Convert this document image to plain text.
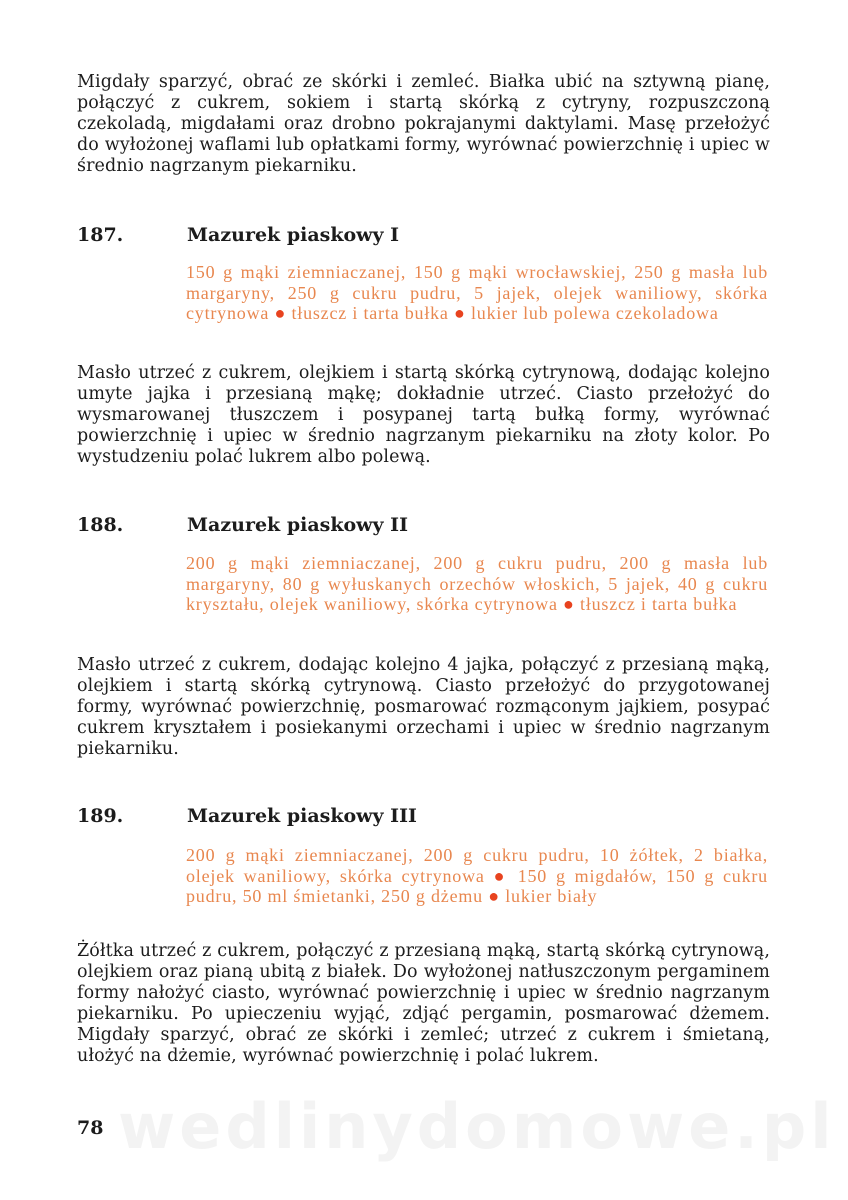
Migdały sparzyć, obrać ze skórki i zemleć. Białka ubić na sztywną pianę, połączyć z cukrem, sokiem i startą skórką z cytryny, rozpuszczoną czekoladą, migdałami oraz drobno pokrajanymi daktylami. Masę przełożyć do wyłożonej waflami lub opłatkami formy, wyrównać powierzchnię i upiec w średnio nagrzanym piekarniku.
187.	Mazurek piaskowy I
150 g mąki ziemniaczanej, 150 g mąki wrocławskiej, 250 g masła lub margaryny, 250 g cukru pudru, 5 jajek, olejek waniliowy, skórka cytrynowa ● tłuszcz i tarta bułka ● lukier lub polewa czekoladowa
Masło utrzeć z cukrem, olejkiem i startą skórką cytrynową, dodając kolejno umyte jajka i przesianą mąkę; dokładnie utrzeć. Ciasto przełożyć do wysmarowanej tłuszczem i posypanej tartą bułką formy, wyrównać powierzchnię i upiec w średnio nagrzanym piekarniku na złoty kolor. Po wystudzeniu polać lukrem albo polewą.
188.	Mazurek piaskowy II
200 g mąki ziemniaczanej, 200 g cukru pudru, 200 g masła lub margaryny, 80 g wyłuskanych orzechów włoskich, 5 jajek, 40 g cukru kryształu, olejek waniliowy, skórka cytrynowa ● tłuszcz i tarta bułka
Masło utrzeć z cukrem, dodając kolejno 4 jajka, połączyć z przesianą mąką, olejkiem i startą skórką cytrynową. Ciasto przełożyć do przygotowanej formy, wyrównać powierzchnię, posmarować rozmąconym jajkiem, posypać cukrem kryształem i posiekanymi orzechami i upiec w średnio nagrzanym piekarniku.
189.	Mazurek piaskowy III
200 g mąki ziemniaczanej, 200 g cukru pudru, 10 żółtek, 2 białka, olejek waniliowy, skórka cytrynowa ● 150 g migdałów, 150 g cukru pudru, 50 ml śmietanki, 250 g dżemu ● lukier biały
Żółtka utrzeć z cukrem, połączyć z przesianą mąką, startą skórką cytrynową, olejkiem oraz pianą ubitą z białek. Do wyłożonej natłuszczonym pergaminem formy nałożyć ciasto, wyrównać powierzchnię i upiec w średnio nagrzanym piekarniku. Po upieczeniu wyjąć, zdjąć pergamin, posmarować dżemem. Migdały sparzyć, obrać ze skórki i zemleć; utrzeć z cukrem i śmietaną, ułożyć na dżemie, wyrównać powierzchnię i polać lukrem.
wedlinydomowe.pl
78
